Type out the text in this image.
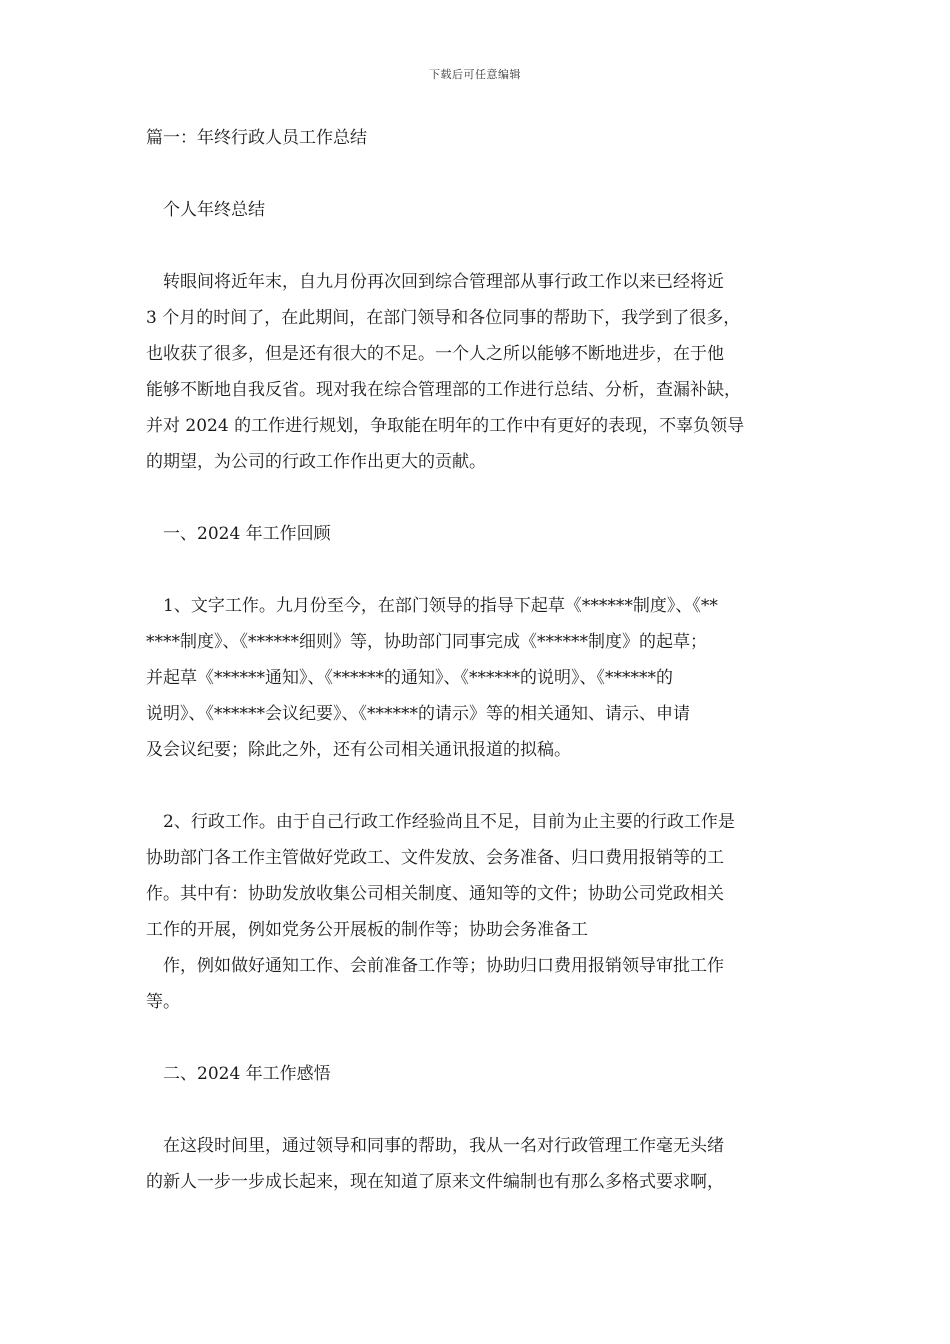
下载后可任意编辑

篇一：年终行政人员工作总结

个人年终总结

转眼间将近年末，自九月份再次回到综合管理部从事行政工作以来已经将近
3 个月的时间了，在此期间，在部门领导和各位同事的帮助下，我学到了很多，
也收获了很多，但是还有很大的不足。一个人之所以能够不断地进步，在于他
能够不断地自我反省。现对我在综合管理部的工作进行总结、分析，查漏补缺，
并对 2024 的工作进行规划，争取能在明年的工作中有更好的表现，不辜负领导
的期望，为公司的行政工作作出更大的贡献。

一、2024 年工作回顾

1、文字工作。九月份至今，在部门领导的指导下起草《******制度》、《**
****制度》、《******细则》等，协助部门同事完成《******制度》的起草；
并起草《******通知》、《******的通知》、《******的说明》、《******的
说明》、《******会议纪要》、《******的请示》等的相关通知、请示、申请
及会议纪要；除此之外，还有公司相关通讯报道的拟稿。

2、行政工作。由于自己行政工作经验尚且不足，目前为止主要的行政工作是
协助部门各工作主管做好党政工、文件发放、会务准备、归口费用报销等的工
作。其中有：协助发放收集公司相关制度、通知等的文件；协助公司党政相关
工作的开展，例如党务公开展板的制作等；协助会务准备工

作，例如做好通知工作、会前准备工作等；协助归口费用报销领导审批工作
等。

二、2024 年工作感悟

在这段时间里，通过领导和同事的帮助，我从一名对行政管理工作毫无头绪
的新人一步一步成长起来，现在知道了原来文件编制也有那么多格式要求啊，
